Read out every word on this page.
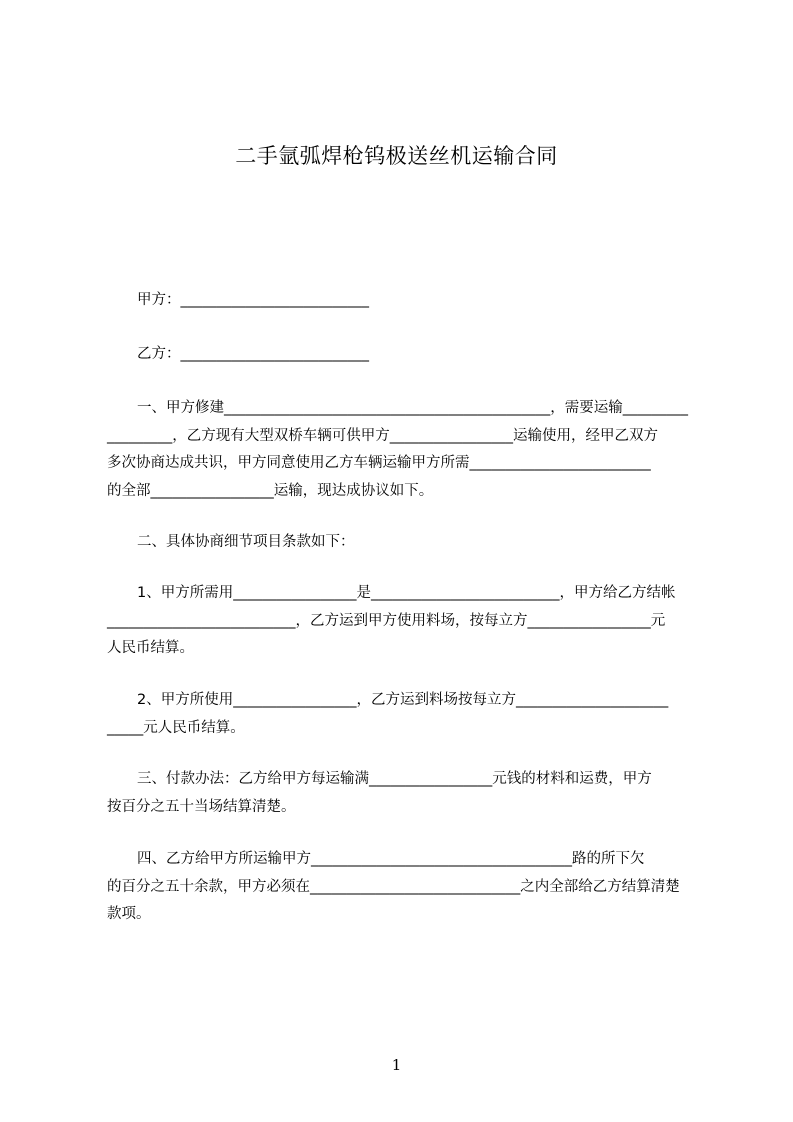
二手氩弧焊枪钨极送丝机运输合同
甲方：__________________________
乙方：__________________________
一、甲方修建_____________________________________________，需要运输_________
_________，乙方现有大型双桥车辆可供甲方_________________运输使用，经甲乙双方
多次协商达成共识，甲方同意使用乙方车辆运输甲方所需_________________________
的全部_________________运输，现达成协议如下。
二、具体协商细节项目条款如下：
1、甲方所需用_________________是__________________________，甲方给乙方结帐
__________________________，乙方运到甲方使用料场，按每立方_________________元
人民币结算。
2、甲方所使用_________________，乙方运到料场按每立方_____________________
_____元人民币结算。
三、付款办法：乙方给甲方每运输满_________________元钱的材料和运费，甲方
按百分之五十当场结算清楚。
四、乙方给甲方所运输甲方____________________________________路的所下欠
的百分之五十余款，甲方必须在_____________________________之内全部给乙方结算清楚
款项。
1
